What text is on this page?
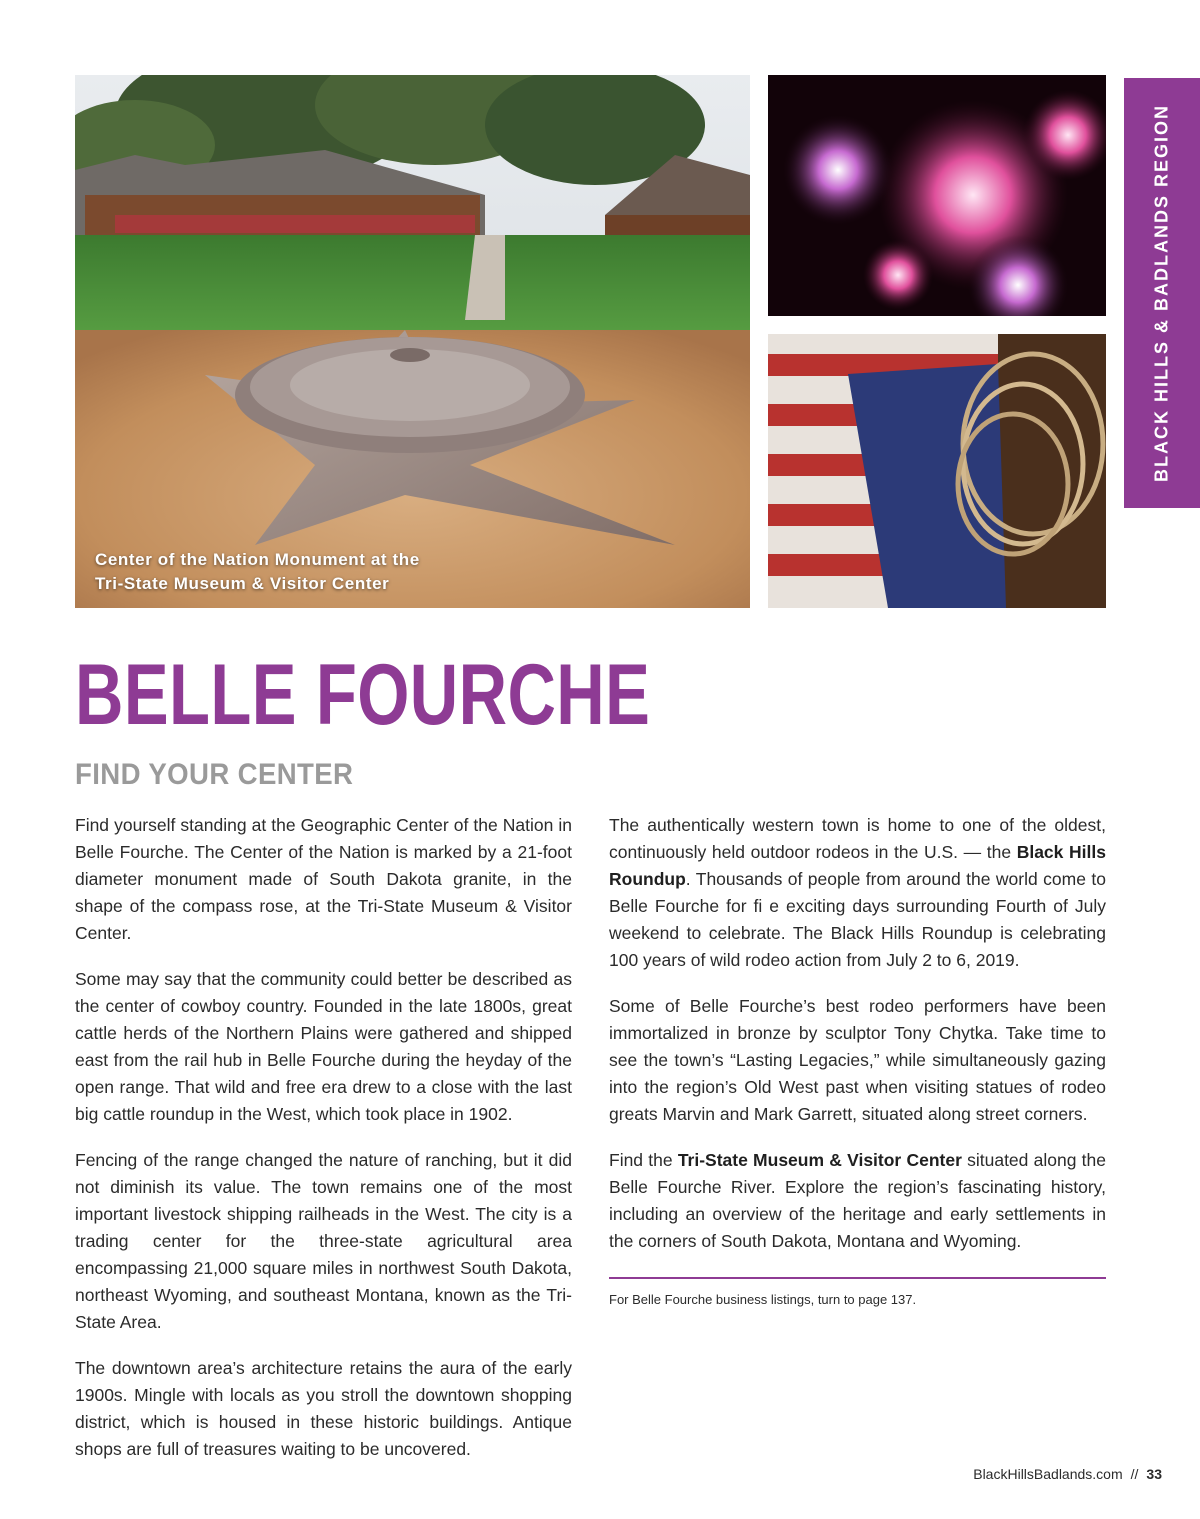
Center of the Nation Monument at the
Tri-State Museum & Visitor Center
BLACK HILLS & BADLANDS REGION
BELLE FOURCHE
FIND YOUR CENTER

Find yourself standing at the Geographic Center of the Nation in Belle Fourche. The Center of the Nation is marked by a 21-foot diameter monument made of South Dakota granite, in the shape of the compass rose, at the Tri-State Museum & Visitor Center.

Some may say that the community could better be described as the center of cowboy country. Founded in the late 1800s, great cattle herds of the Northern Plains were gathered and shipped east from the rail hub in Belle Fourche during the heyday of the open range. That wild and free era drew to a close with the last big cattle roundup in the West, which took place in 1902.

Fencing of the range changed the nature of ranching, but it did not diminish its value. The town remains one of the most important livestock shipping railheads in the West. The city is a trading center for the three-state agricultural area encompassing 21,000 square miles in northwest South Dakota, northeast Wyoming, and southeast Montana, known as the Tri-State Area.

The downtown area’s architecture retains the aura of the early 1900s. Mingle with locals as you stroll the downtown shopping district, which is housed in these historic buildings. Antique shops are full of treasures waiting to be uncovered.

The authentically western town is home to one of the oldest, continuously held outdoor rodeos in the U.S. — the Black Hills Roundup. Thousands of people from around the world come to Belle Fourche for fi e exciting days surrounding Fourth of July weekend to celebrate. The Black Hills Roundup is celebrating 100 years of wild rodeo action from July 2 to 6, 2019.

Some of Belle Fourche’s best rodeo performers have been immortalized in bronze by sculptor Tony Chytka. Take time to see the town’s “Lasting Legacies,” while simultaneously gazing into the region’s Old West past when visiting statues of rodeo greats Marvin and Mark Garrett, situated along street corners.

Find the Tri-State Museum & Visitor Center situated along the Belle Fourche River. Explore the region’s fascinating history, including an overview of the heritage and early settlements in the corners of South Dakota, Montana and Wyoming.

For Belle Fourche business listings, turn to page 137.
BlackHillsBadlands.com // 33
